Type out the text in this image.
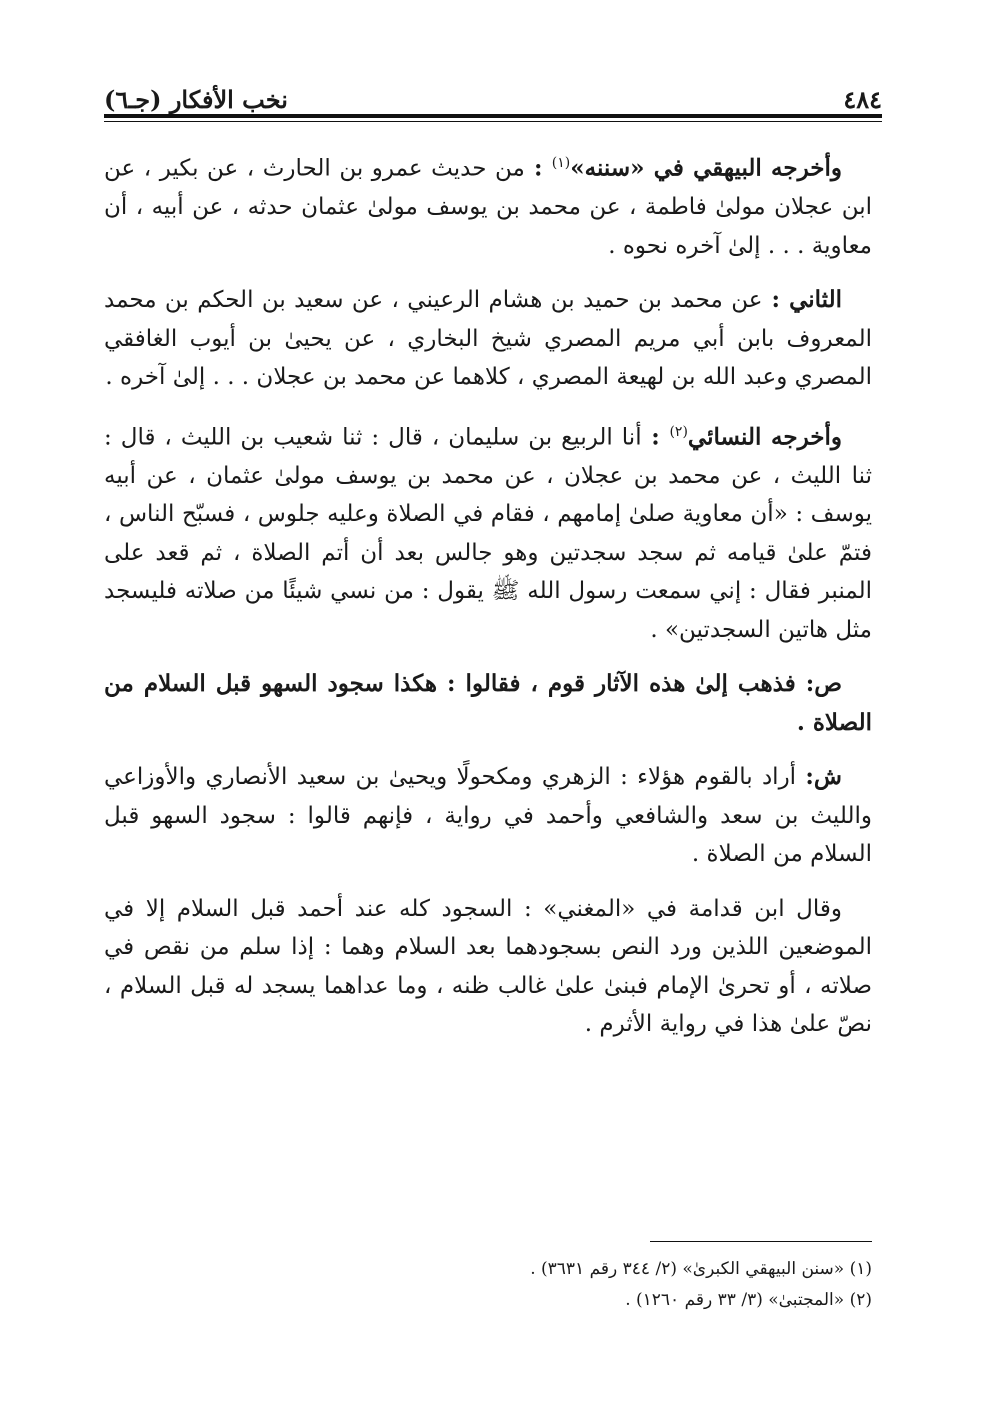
نخب الأفكار (جـ٦)	٤٨٤

وأخرجه البيهقي في «سننه»$^{(١)}$ : من حديث عمرو بن الحارث ، عن بكير ، عن ابن عجلان مولىٰ فاطمة ، عن محمد بن يوسف مولىٰ عثمان حدثه ، عن أبيه ، أن معاوية . . . إلىٰ آخره نحوه .

الثاني : عن محمد بن حميد بن هشام الرعيني ، عن سعيد بن الحكم بن محمد المعروف بابن أبي مريم المصري شيخ البخاري ، عن يحيىٰ بن أيوب الغافقي المصري وعبد الله بن لهيعة المصري ، كلاهما عن محمد بن عجلان . . . إلىٰ آخره .

وأخرجه النسائي$^{(٢)}$ : أنا الربيع بن سليمان ، قال : ثنا شعيب بن الليث ، قال : ثنا الليث ، عن محمد بن عجلان ، عن محمد بن يوسف مولىٰ عثمان ، عن أبيه يوسف : «أن معاوية صلىٰ إمامهم ، فقام في الصلاة وعليه جلوس ، فسبّح الناس ، فتمّ علىٰ قيامه ثم سجد سجدتين وهو جالس بعد أن أتم الصلاة ، ثم قعد على المنبر فقال : إني سمعت رسول الله ﷺ يقول : من نسي شيئًا من صلاته فليسجد مثل هاتين السجدتين» .

ص: فذهب إلىٰ هذه الآثار قوم ، فقالوا : هكذا سجود السهو قبل السلام من الصلاة .

ش: أراد بالقوم هؤلاء : الزهري ومكحولًا ويحيىٰ بن سعيد الأنصاري والأوزاعي والليث بن سعد والشافعي وأحمد في رواية ، فإنهم قالوا : سجود السهو قبل السلام من الصلاة .

وقال ابن قدامة في «المغني» : السجود كله عند أحمد قبل السلام إلا في الموضعين اللذين ورد النص بسجودهما بعد السلام وهما : إذا سلم من نقص في صلاته ، أو تحرىٰ الإمام فبنىٰ علىٰ غالب ظنه ، وما عداهما يسجد له قبل السلام ، نصّ علىٰ هذا في رواية الأثرم .

(١) «سنن البيهقي الكبرىٰ» (٢/ ٣٤٤ رقم ٣٦٣١) .
(٢) «المجتبىٰ» (٣/ ٣٣ رقم ١٢٦٠) .
